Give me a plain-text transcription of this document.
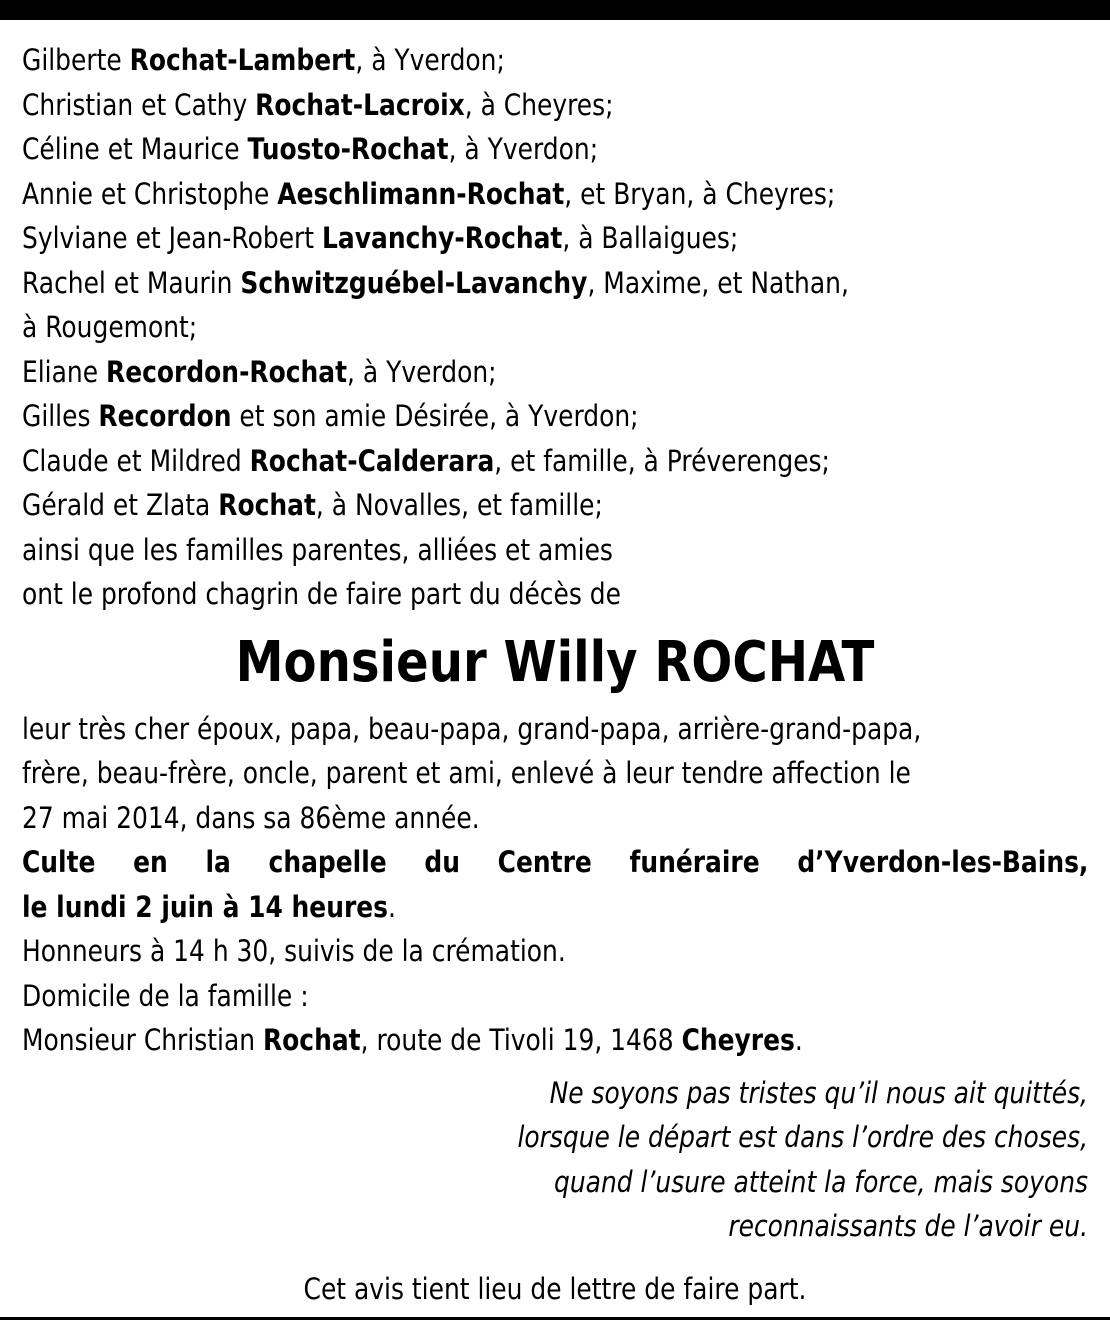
Gilberte Rochat-Lambert, à Yverdon;
Christian et Cathy Rochat-Lacroix, à Cheyres;
Céline et Maurice Tuosto-Rochat, à Yverdon;
Annie et Christophe Aeschlimann-Rochat, et Bryan, à Cheyres;
Sylviane et Jean-Robert Lavanchy-Rochat, à Ballaigues;
Rachel et Maurin Schwitzguébel-Lavanchy, Maxime, et Nathan,
à Rougemont;
Eliane Recordon-Rochat, à Yverdon;
Gilles Recordon et son amie Désirée, à Yverdon;
Claude et Mildred Rochat-Calderara, et famille, à Préverenges;
Gérald et Zlata Rochat, à Novalles, et famille;
ainsi que les familles parentes, alliées et amies
ont le profond chagrin de faire part du décès de
Monsieur Willy ROCHAT
leur très cher époux, papa, beau-papa, grand-papa, arrière-grand-papa,
frère, beau-frère, oncle, parent et ami, enlevé à leur tendre affection le
27 mai 2014, dans sa 86ème année.
Culte en la chapelle du Centre funéraire d’Yverdon-les-Bains,
le lundi 2 juin à 14 heures.
Honneurs à 14 h 30, suivis de la crémation.
Domicile de la famille :
Monsieur Christian Rochat, route de Tivoli 19, 1468 Cheyres.
Ne soyons pas tristes qu’il nous ait quittés,
lorsque le départ est dans l’ordre des choses,
quand l’usure atteint la force, mais soyons
reconnaissants de l’avoir eu.
Cet avis tient lieu de lettre de faire part.
